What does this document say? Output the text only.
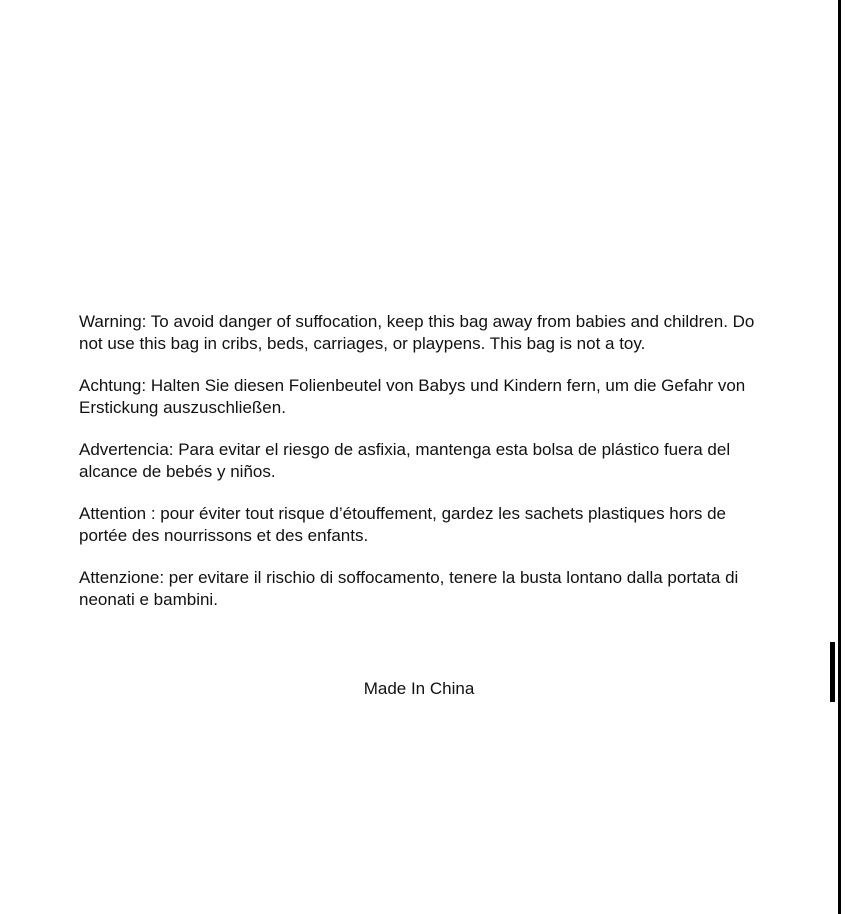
Warning: To avoid danger of suffocation, keep this bag away from babies and children. Do not use this bag in cribs, beds, carriages, or playpens. This bag is not a toy.

Achtung: Halten Sie diesen Folienbeutel von Babys und Kindern fern, um die Gefahr von Erstickung auszuschließen.

Advertencia: Para evitar el riesgo de asfixia, mantenga esta bolsa de plástico fuera del alcance de bebés y niños.

Attention : pour éviter tout risque d’étouffement, gardez les sachets plastiques hors de portée des nourrissons et des enfants.

Attenzione: per evitare il rischio di soffocamento, tenere la busta lontano dalla portata di neonati e bambini.

Made In China
